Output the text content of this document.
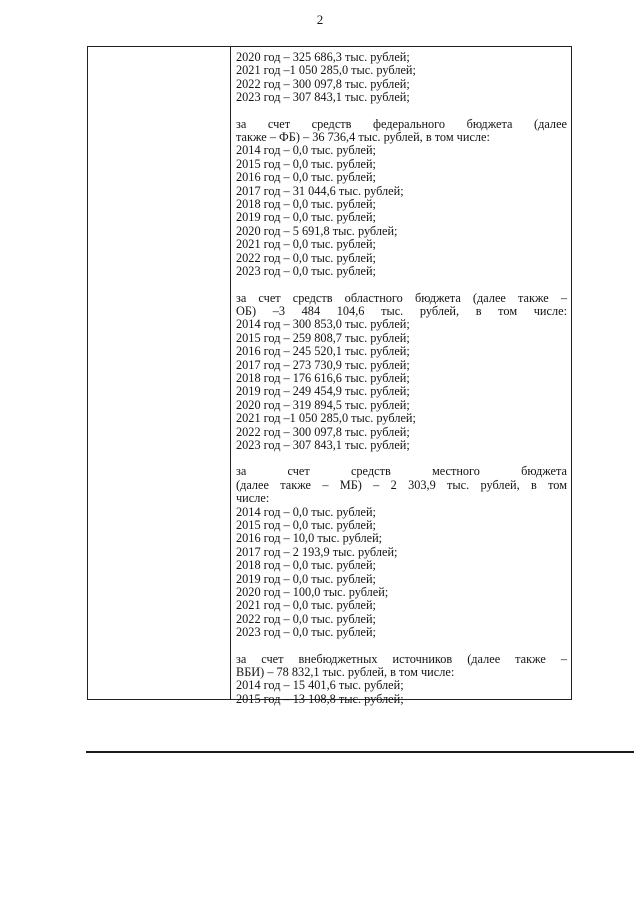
2
2020 год – 325 686,3 тыс. рублей;
2021 год –1 050 285,0 тыс. рублей;
2022 год – 300 097,8 тыс. рублей;
2023 год – 307 843,1 тыс. рублей;
за счет средств федерального бюджета (далее
также – ФБ) – 36 736,4 тыс. рублей, в том числе:
2014 год – 0,0 тыс. рублей;
2015 год – 0,0 тыс. рублей;
2016 год – 0,0 тыс. рублей;
2017 год – 31 044,6 тыс. рублей;
2018 год – 0,0 тыс. рублей;
2019 год – 0,0 тыс. рублей;
2020 год – 5 691,8 тыс. рублей;
2021 год – 0,0 тыс. рублей;
2022 год – 0,0 тыс. рублей;
2023 год – 0,0 тыс. рублей;
за счет средств областного бюджета (далее также –
ОБ) –3 484 104,6 тыс. рублей, в том числе:
2014 год – 300 853,0 тыс. рублей;
2015 год – 259 808,7 тыс. рублей;
2016 год – 245 520,1 тыс. рублей;
2017 год – 273 730,9 тыс. рублей;
2018 год – 176 616,6 тыс. рублей;
2019 год – 249 454,9 тыс. рублей;
2020 год – 319 894,5 тыс. рублей;
2021 год –1 050 285,0 тыс. рублей;
2022 год – 300 097,8 тыс. рублей;
2023 год – 307 843,1 тыс. рублей;
за счет средств местного бюджета
(далее также – МБ) – 2 303,9 тыс. рублей, в том
числе:
2014 год – 0,0 тыс. рублей;
2015 год – 0,0 тыс. рублей;
2016 год – 10,0 тыс. рублей;
2017 год – 2 193,9 тыс. рублей;
2018 год – 0,0 тыс. рублей;
2019 год – 0,0 тыс. рублей;
2020 год – 100,0 тыс. рублей;
2021 год – 0,0 тыс. рублей;
2022 год – 0,0 тыс. рублей;
2023 год – 0,0 тыс. рублей;
за счет внебюджетных источников (далее также –
ВБИ) – 78 832,1 тыс. рублей, в том числе:
2014 год – 15 401,6 тыс. рублей;
2015 год – 13 108,8 тыс. рублей;
